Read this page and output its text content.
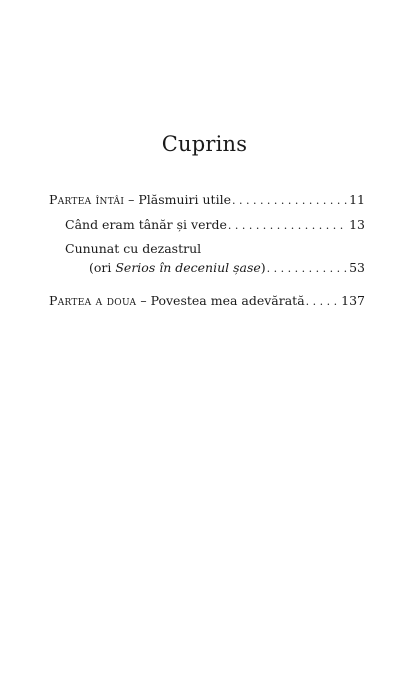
Cuprins
Partea întâi – Plăsmuiri utile . . .	11
Când eram tânăr și verde . . .	13
Cununat cu dezastrul
(ori Serios în deceniul șase) . . .	53
Partea a doua – Povestea mea adevărată . . .	137
